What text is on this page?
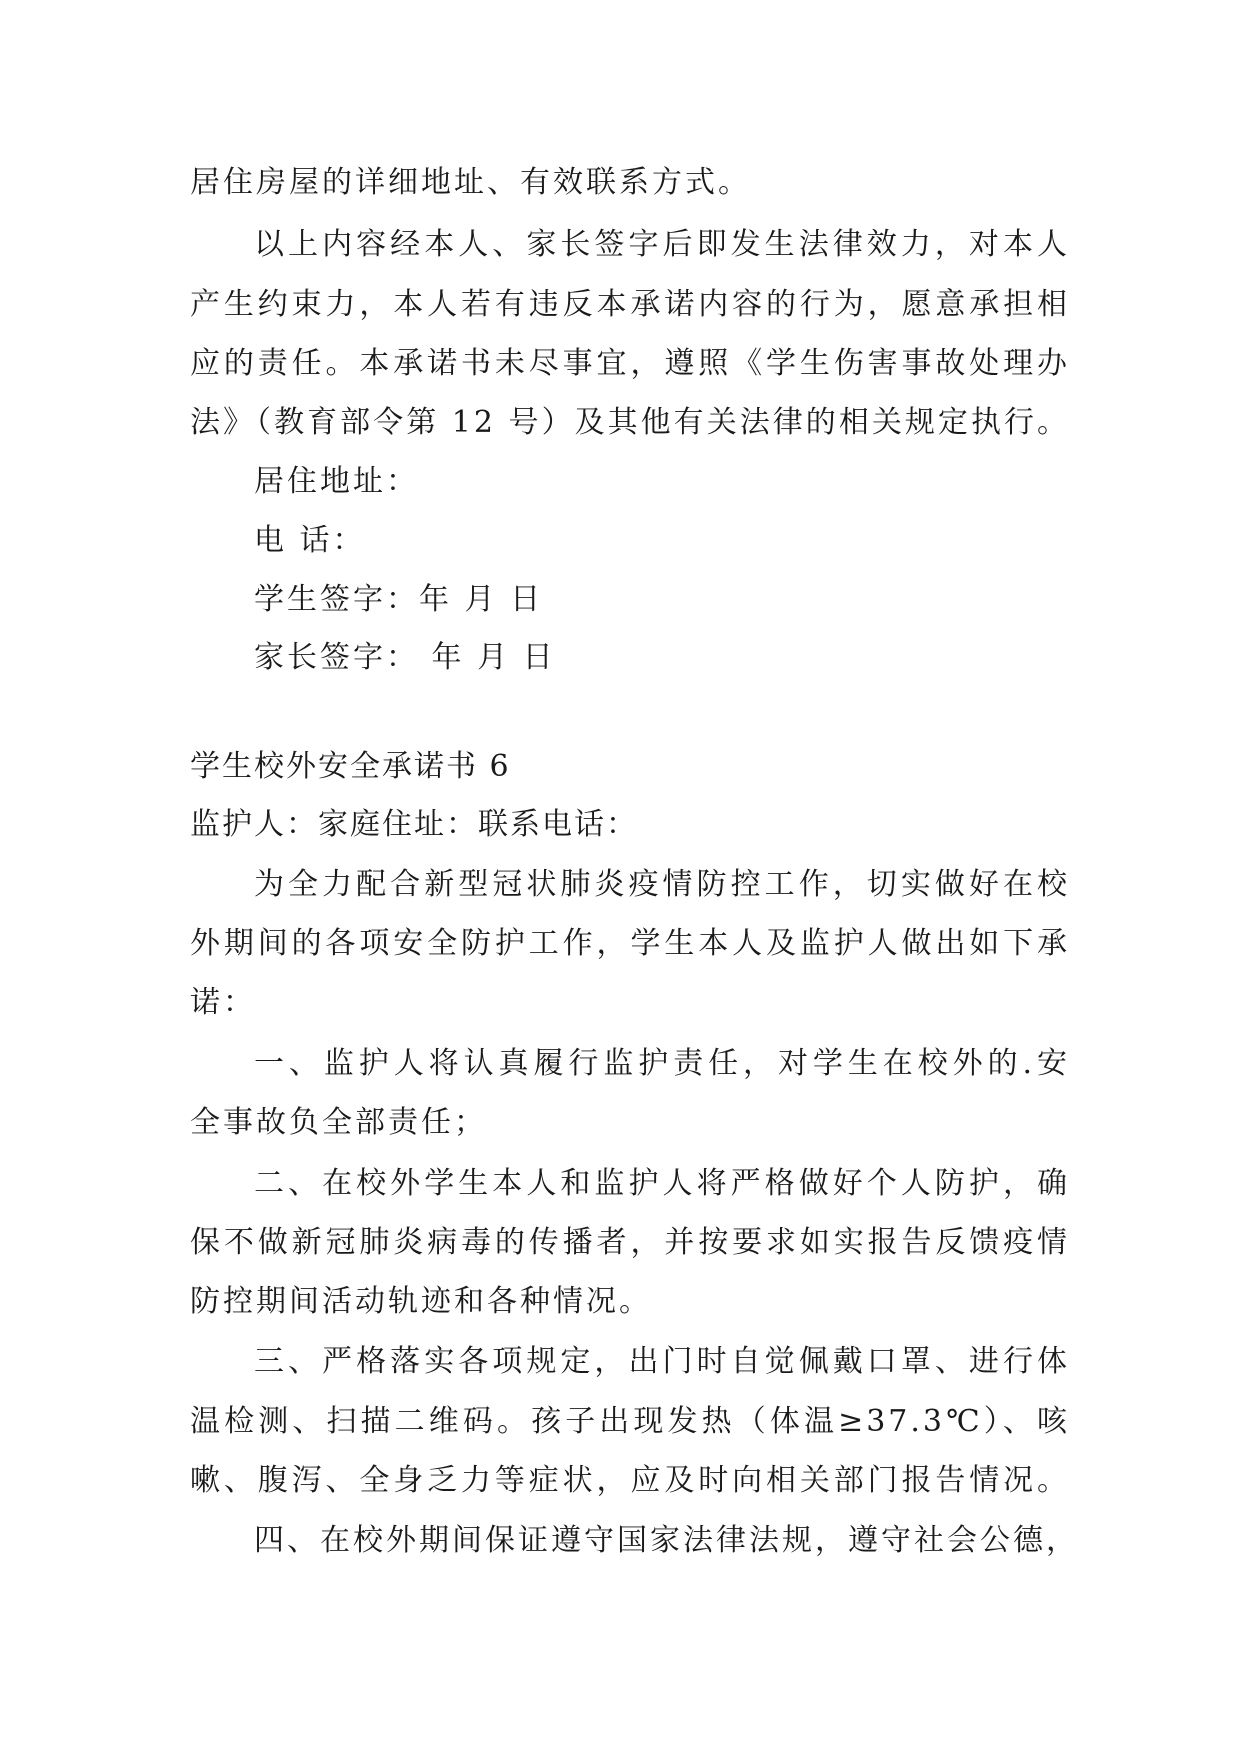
居住房屋的详细地址、有效联系方式。
以上内容经本人、家长签字后即发生法律效力，对本人
产生约束力，本人若有违反本承诺内容的行为，愿意承担相
应的责任。本承诺书未尽事宜，遵照《学生伤害事故处理办
法》（教育部令第 12 号）及其他有关法律的相关规定执行。
居住地址：
电 话：
学生签字：年 月 日
家长签字： 年 月 日
学生校外安全承诺书 6
监护人：家庭住址：联系电话：
为全力配合新型冠状肺炎疫情防控工作，切实做好在校
外期间的各项安全防护工作，学生本人及监护人做出如下承
诺：
一、监护人将认真履行监护责任，对学生在校外的.安
全事故负全部责任；
二、在校外学生本人和监护人将严格做好个人防护，确
保不做新冠肺炎病毒的传播者，并按要求如实报告反馈疫情
防控期间活动轨迹和各种情况。
三、严格落实各项规定，出门时自觉佩戴口罩、进行体
温检测、扫描二维码。孩子出现发热（体温≥37.3℃）、咳
嗽、腹泻、全身乏力等症状，应及时向相关部门报告情况。
四、在校外期间保证遵守国家法律法规，遵守社会公德，
